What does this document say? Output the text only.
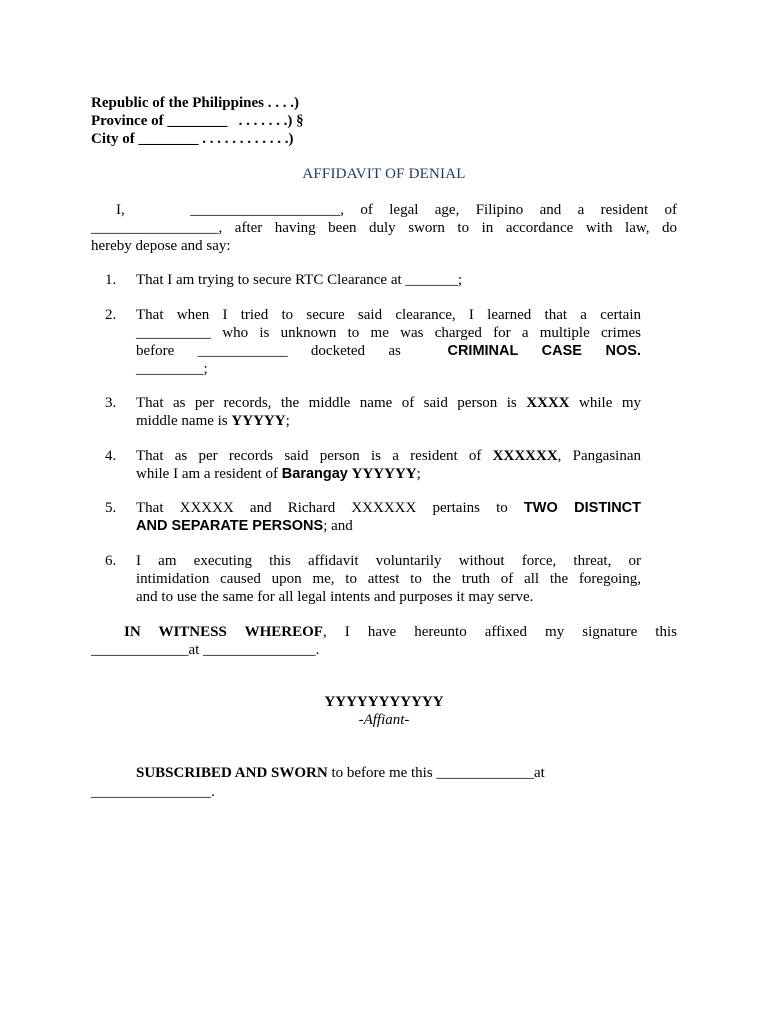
Republic of the Philippines . . . .)
Province of ________   . . . . . . .) §
City of ________ . . . . . . . . . . . .)
AFFIDAVIT OF DENIAL
I,	____________________, of legal age, Filipino and a resident of
_________________, after having been duly sworn to in accordance with law, do
hereby depose and say:
1. That I am trying to secure RTC Clearance at _______;
2. That when I tried to secure said clearance, I learned that a certain
__________ who is unknown to me was charged for a multiple crimes
before ____________ docketed as	CRIMINAL CASE NOS.
_________;
3. That as per records, the middle name of said person is XXXX while my
middle name is YYYYY;
4. That as per records said person is a resident of XXXXXX, Pangasinan
while I am a resident of Barangay YYYYYY;
5. That XXXXX and Richard XXXXXX pertains to TWO DISTINCT
AND SEPARATE PERSONS; and
6. I am executing this affidavit voluntarily without force, threat, or
intimidation caused upon me, to attest to the truth of all the foregoing,
and to use the same for all legal intents and purposes it may serve.
IN WITNESS WHEREOF, I have hereunto affixed my signature this
_____________at _______________.
YYYYYYYYYYY
-Affiant-
SUBSCRIBED AND SWORN to before me this _____________at
________________.
